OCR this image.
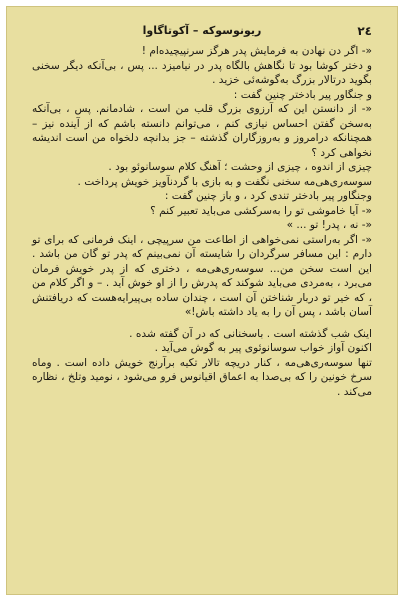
٢٤
ریونوسوکه – آکوتاگاوا

«- اگر دن نهادن به فرمایش پدر هرگز سرنپیچیده‌ام !

و دختر کوشا بود تا نگاهش بالگاه پدر در نیامیزد ... پس ، بی‌آنکه دیگر سخنی بگوید درتالار بزرگ به‌گوشه‌ئی خزید .

و جنگاور پیر بادختر چنین گفت :

«- از دانستن این که آرزوی بزرگ قلب من است ، شادمانم. پس ، بی‌آنکه به‌سخن گفتن احساس نیازی کنم ، می‌توانم دانسته باشم که از آینده نیز – همچنانکه درامروز و به‌روزگاران گذشته – جز بدانچه دلخواه من است اندیشه نخواهی کرد ؟

چیزی از اندوه ، چیزی از وحشت ؛ آهنگ کلام سوسانوئو بود .

سوسه‌ری‌هی‌مه سخنی نگفت و به بازی با گردنآویز خویش پرداخت .

وجنگاور پیر بادختر تندی کرد ، و باز چنین گفت :

«- آیا خاموشی تو را به‌سرکشی می‌باید تعبیر کنم ؟

«- نه ، پدر! تو ... »

«- اگر به‌راستی نمی‌خواهی از اطاعت من سرپیچی ، اینک فرمانی که برای تو دارم : این مسافر سرگردان را شایسته آن نمی‌بینم که پدر تو گان من باشد . این است سخن من... سوسه‌ری‌هی‌مه ، دختری که از پدر خویش فرمان می‌برد ، به‌مردی می‌باید شوکند که پدرش را از او خوش آید . – و اگر کلام من ، که خیر تو دربار شناختن آن است ، چندان ساده بی‌پیرایه‌هست که دریافتنش آسان باشد ، پس آن را به یاد داشته باش!»

اینک شب گذشته است . باسخنانی که در آن گفته شده .

اکنون آواز خواب سوسانوئوی پیر به گوش می‌آید .

تنها سوسه‌ری‌هی‌مه ، کنار دریچه تالار تکیه برآرنج خویش داده است . وماه سرخ خونین را که بی‌صدا به اعماق اقیانوس فرو می‌شود ، نومید وتلخ ، نظاره می‌کند .
